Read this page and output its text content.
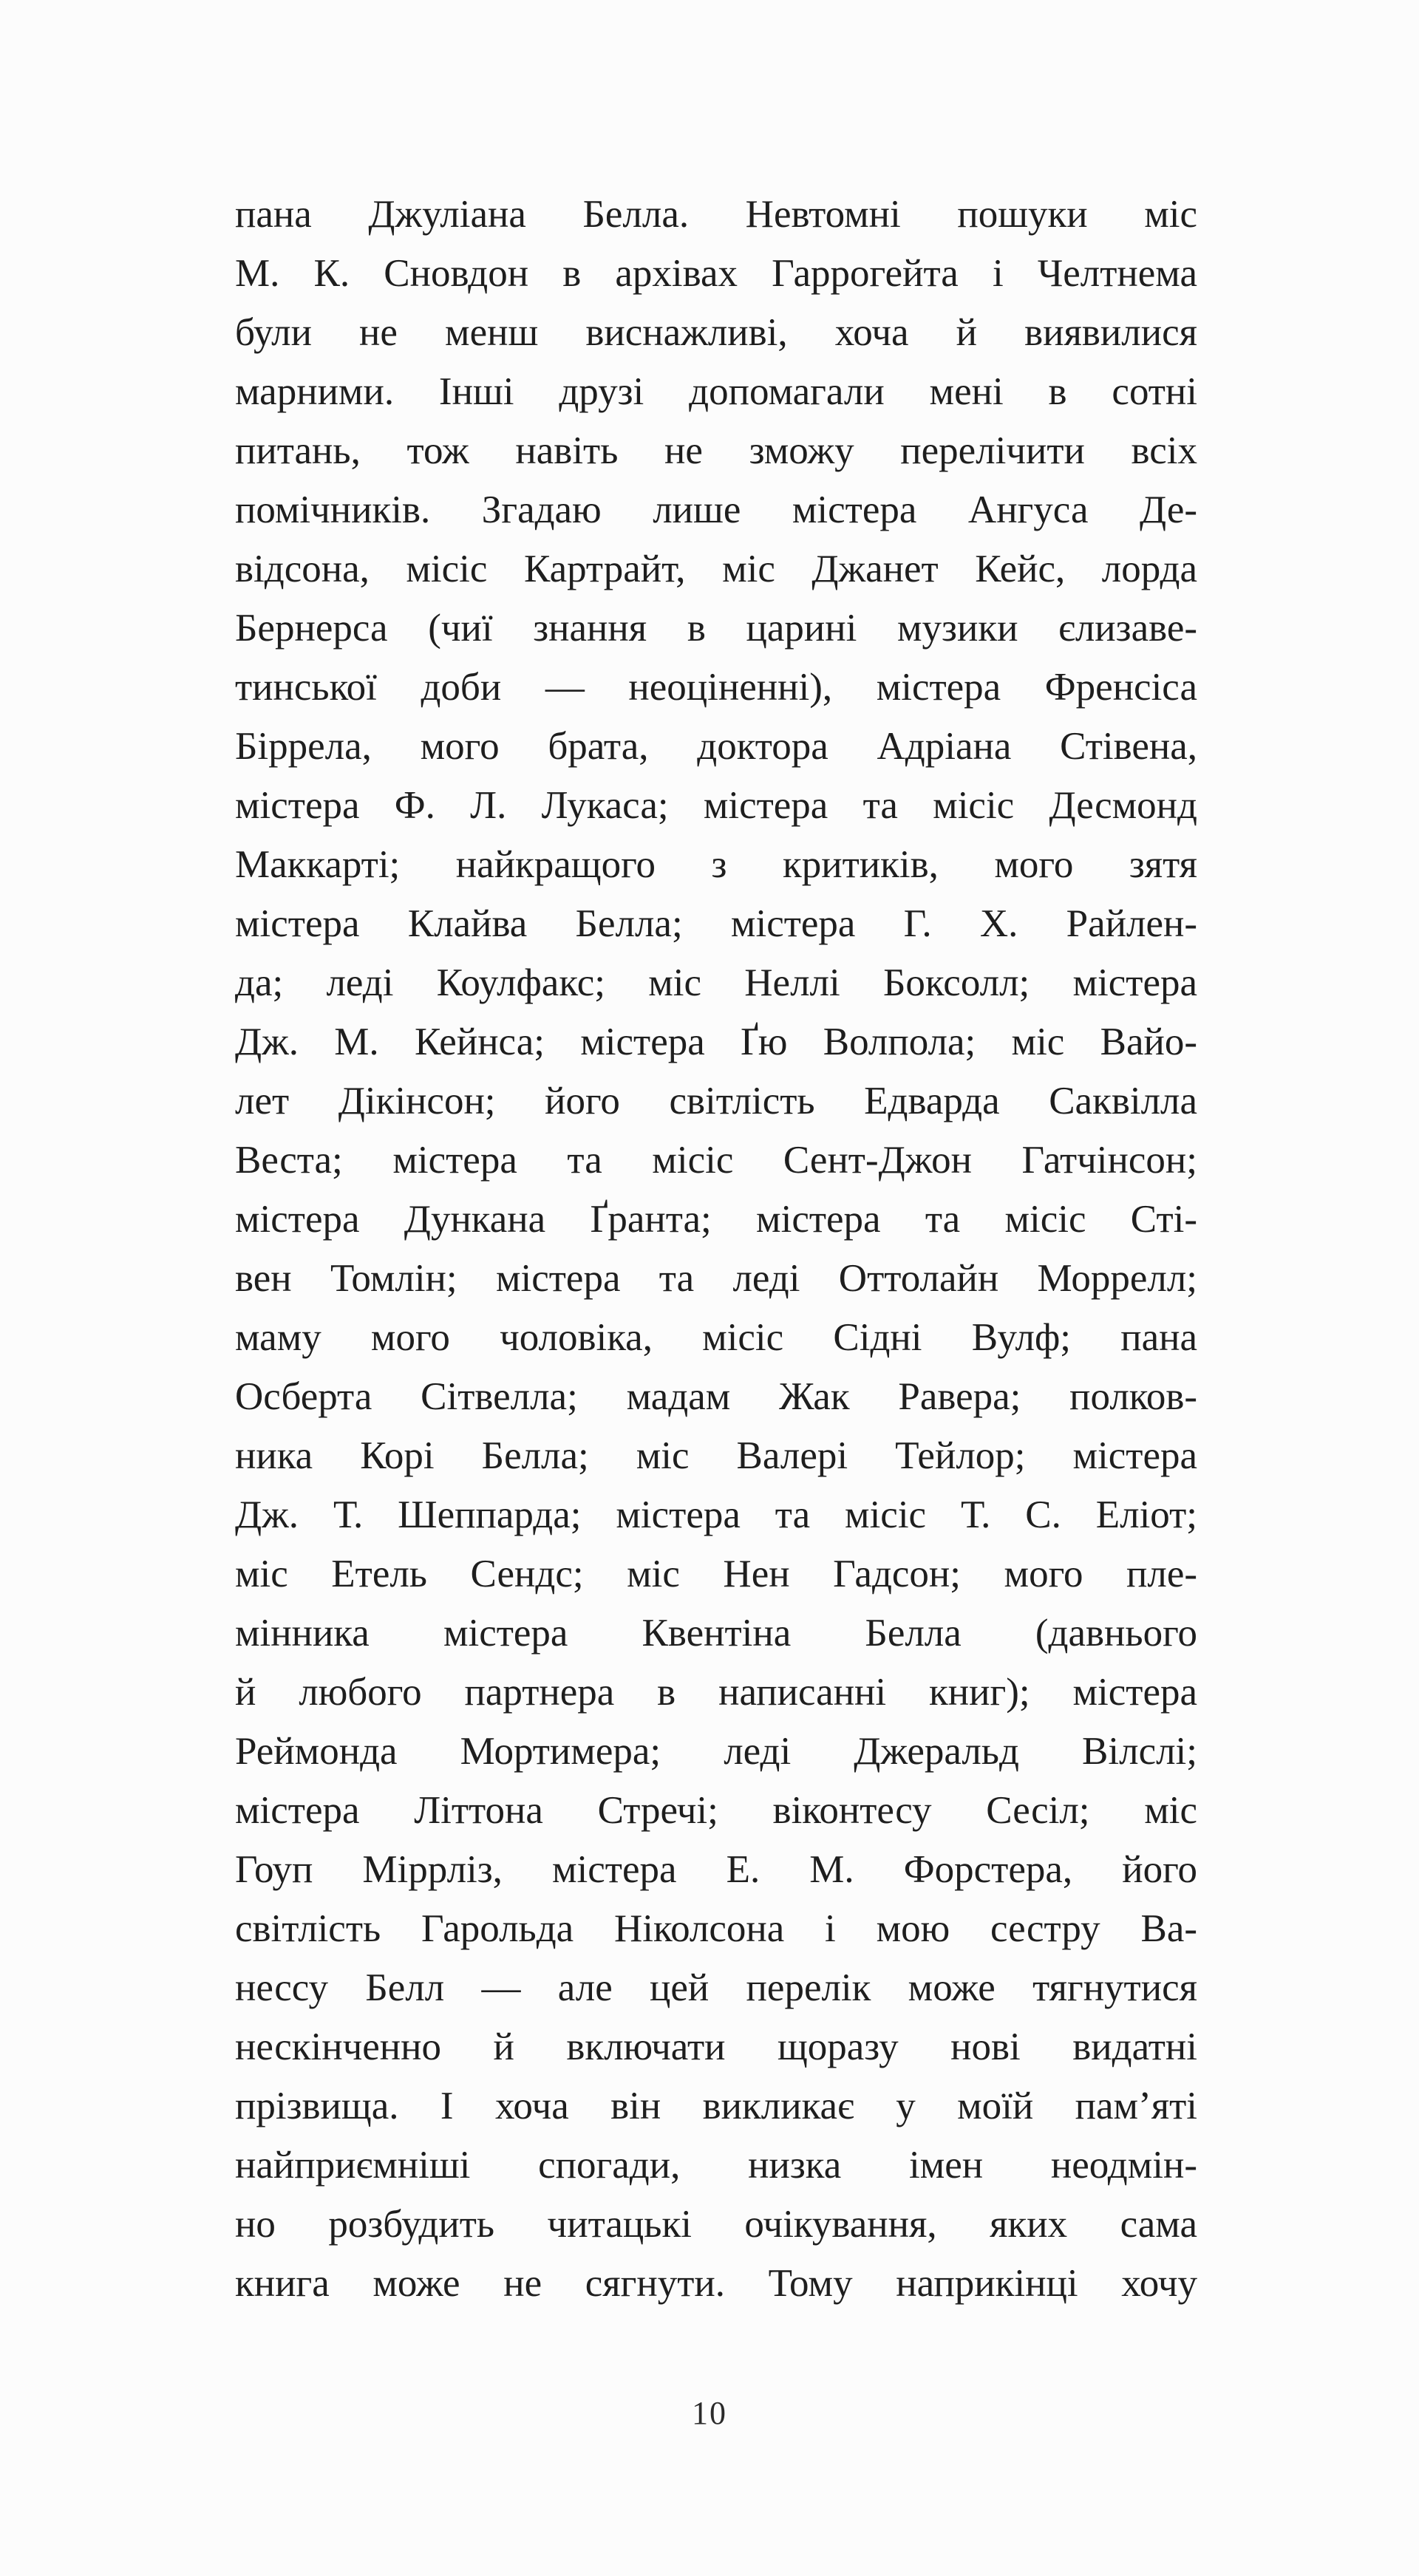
пана Джуліана Белла. Невтомні пошуки міс
М. К. Сновдон в архівах Гаррогейта і Челтнема
були не менш виснажливі, хоча й виявилися
марними. Інші друзі допомагали мені в сотні
питань, тож навіть не зможу перелічити всіх
помічників. Згадаю лише містера Ангуса Де-
відсона, місіс Картрайт, міс Джанет Кейс, лорда
Бернерса (чиї знання в царині музики єлизаве-
тинської доби — неоціненні), містера Френсіса
Біррела, мого брата, доктора Адріана Стівена,
містера Ф. Л. Лукаса; містера та місіс Десмонд
Маккарті; найкращого з критиків, мого зятя
містера Клайва Белла; містера Г. Х. Райлен-
да; леді Коулфакс; міс Неллі Боксолл; містера
Дж. М. Кейнса; містера Ґю Волпола; міс Вайо-
лет Дікінсон; його світлість Едварда Саквілла
Веста; містера та місіс Сент-Джон Гатчінсон;
містера Дункана Ґранта; містера та місіс Сті-
вен Томлін; містера та леді Оттолайн Моррелл;
маму мого чоловіка, місіс Сідні Вулф; пана
Осберта Сітвелла; мадам Жак Равера; полков-
ника Корі Белла; міс Валері Тейлор; містера
Дж. Т. Шеппарда; містера та місіс Т. С. Еліот;
міс Етель Сендс; міс Нен Гадсон; мого пле-
мінника містера Квентіна Белла (давнього
й любого партнера в написанні книг); містера
Реймонда Мортимера; леді Джеральд Вілслі;
містера Літтона Стречі; віконтесу Сесіл; міс
Гоуп Міррліз, містера Е. М. Форстера, його
світлість Гарольда Ніколсона і мою сестру Ва-
нессу Белл — але цей перелік може тягнутися
нескінченно й включати щоразу нові видатні
прізвища. І хоча він викликає у моїй пам’яті
найприємніші спогади, низка імен неодмін-
но розбудить читацькі очікування, яких сама
книга може не сягнути. Тому наприкінці хочу
10
